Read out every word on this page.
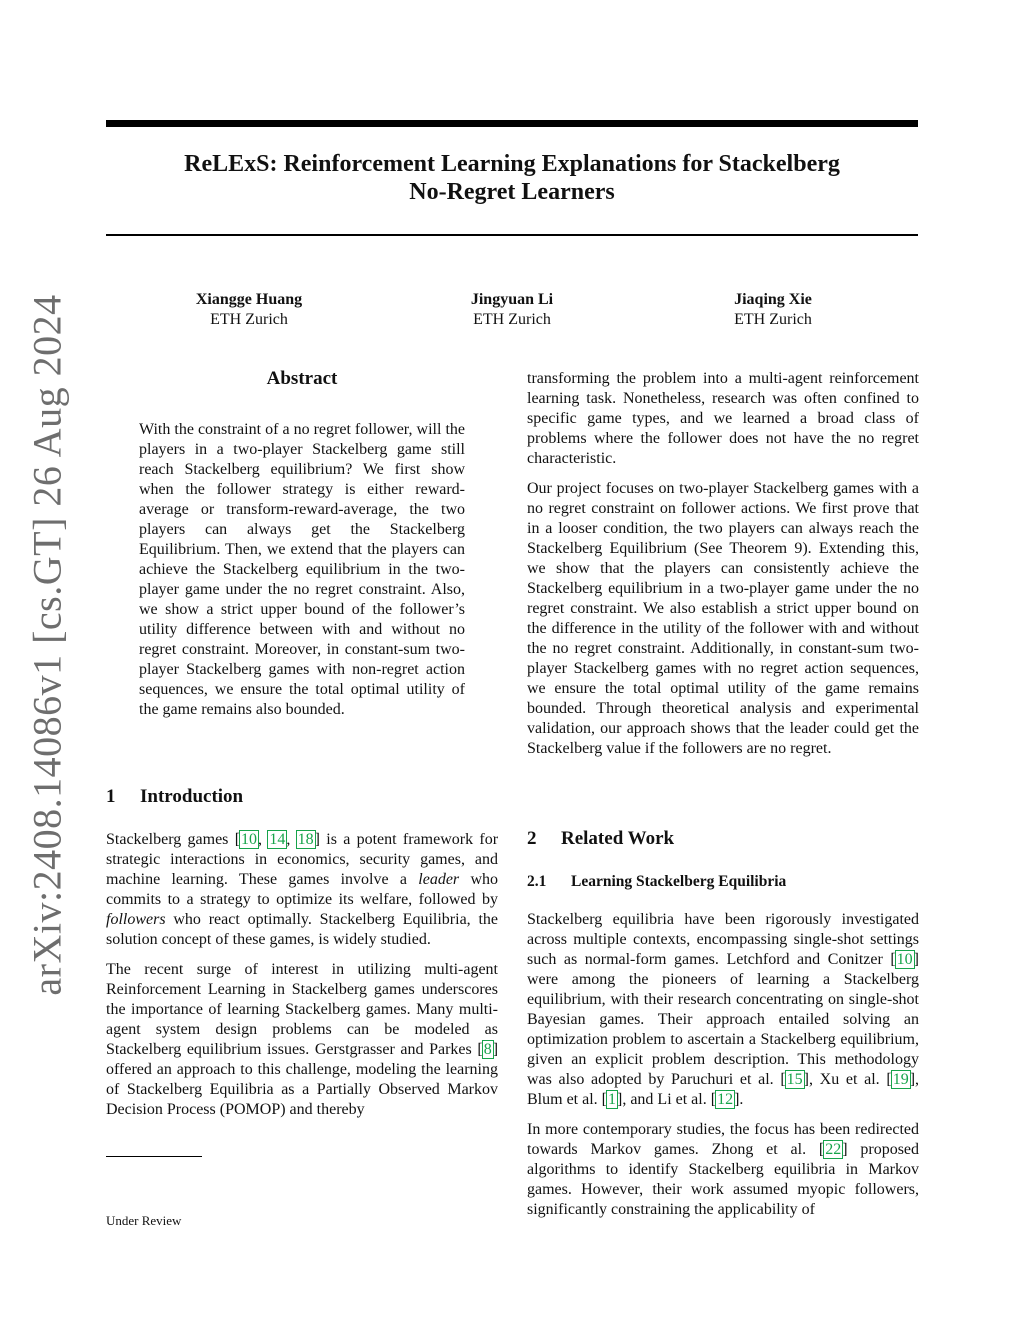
arXiv:2408.14086v1 [cs.GT] 26 Aug 2024
ReLExS: Reinforcement Learning Explanations for Stackelberg
No-Regret Learners
Xiangge Huang
ETH Zurich
Jingyuan Li
ETH Zurich
Jiaqing Xie
ETH Zurich
Abstract

With the constraint of a no regret follower, will the players in a two-player Stackelberg game still reach Stackelberg equilibrium? We first show when the follower strategy is either reward-average or transform-reward-average, the two players can always get the Stackelberg Equilibrium. Then, we extend that the players can achieve the Stackelberg equilibrium in the two-player game under the no regret constraint. Also, we show a strict upper bound of the follower’s utility difference between with and without no regret constraint. Moreover, in constant-sum two-player Stackelberg games with non-regret action sequences, we ensure the total optimal utility of the game remains also bounded.

1 Introduction

Stackelberg games [10, 14, 18] is a potent framework for strategic interactions in economics, security games, and machine learning. These games involve a leader who commits to a strategy to optimize its welfare, followed by followers who react optimally. Stackelberg Equilibria, the solution concept of these games, is widely studied.

The recent surge of interest in utilizing multi-agent Reinforcement Learning in Stackelberg games underscores the importance of learning Stackelberg games. Many multi-agent system design problems can be modeled as Stackelberg equilibrium issues. Gerstgrasser and Parkes [8] offered an approach to this challenge, modeling the learning of Stackelberg Equilibria as a Partially Observed Markov Decision Process (POMOP) and thereby

Under Review

transforming the problem into a multi-agent reinforcement learning task. Nonetheless, research was often confined to specific game types, and we learned a broad class of problems where the follower does not have the no regret characteristic.

Our project focuses on two-player Stackelberg games with a no regret constraint on follower actions. We first prove that in a looser condition, the two players can always reach the Stackelberg Equilibrium (See Theorem 9). Extending this, we show that the players can consistently achieve the Stackelberg equilibrium in a two-player game under the no regret constraint. We also establish a strict upper bound on the difference in the utility of the follower with and without the no regret constraint. Additionally, in constant-sum two-player Stackelberg games with no regret action sequences, we ensure the total optimal utility of the game remains bounded. Through theoretical analysis and experimental validation, our approach shows that the leader could get the Stackelberg value if the followers are no regret.

2 Related Work
2.1 Learning Stackelberg Equilibria

Stackelberg equilibria have been rigorously investigated across multiple contexts, encompassing single-shot settings such as normal-form games. Letchford and Conitzer [10] were among the pioneers of learning a Stackelberg equilibrium, with their research concentrating on single-shot Bayesian games. Their approach entailed solving an optimization problem to ascertain a Stackelberg equilibrium, given an explicit problem description. This methodology was also adopted by Paruchuri et al. [15], Xu et al. [19], Blum et al. [1], and Li et al. [12].

In more contemporary studies, the focus has been redirected towards Markov games. Zhong et al. [22] proposed algorithms to identify Stackelberg equilibria in Markov games. However, their work assumed myopic followers, significantly constraining the applicability of
